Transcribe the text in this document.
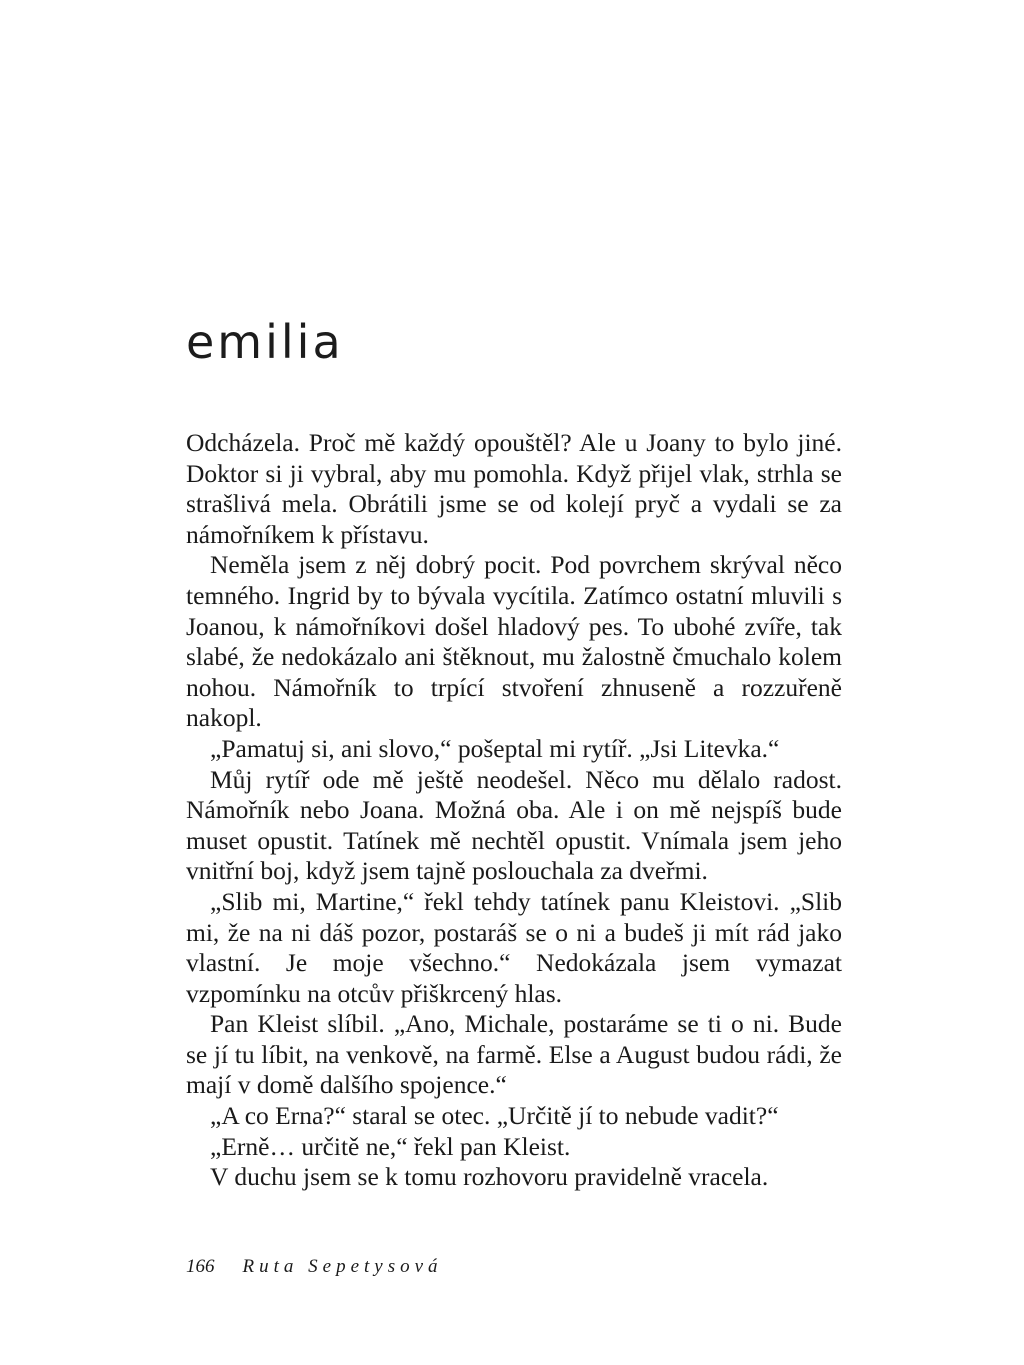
emilia

Odcházela. Proč mě každý opouštěl? Ale u Joany to bylo jiné. Doktor si ji vybral, aby mu pomohla. Když přijel vlak, strhla se strašlivá mela. Obrátili jsme se od kolejí pryč a vydali se za námořníkem k přístavu.

Neměla jsem z něj dobrý pocit. Pod povrchem skrýval něco temného. Ingrid by to bývala vycítila. Zatímco ostatní mluvili s Joanou, k námořníkovi došel hladový pes. To ubohé zvíře, tak slabé, že nedokázalo ani štěknout, mu žalostně čmuchalo kolem nohou. Námořník to trpící stvoření zhnuseně a rozzuřeně nakopl.

„Pamatuj si, ani slovo,“ pošeptal mi rytíř. „Jsi Litevka.“

Můj rytíř ode mě ještě neodešel. Něco mu dělalo radost. Námořník nebo Joana. Možná oba. Ale i on mě nejspíš bude muset opustit. Tatínek mě nechtěl opustit. Vnímala jsem jeho vnitřní boj, když jsem tajně poslouchala za dveřmi.

„Slib mi, Martine,“ řekl tehdy tatínek panu Kleistovi. „Slib mi, že na ni dáš pozor, postaráš se o ni a budeš ji mít rád jako vlastní. Je moje všechno.“ Nedokázala jsem vymazat vzpomínku na otcův přiškrcený hlas.

Pan Kleist slíbil. „Ano, Michale, postaráme se ti o ni. Bude se jí tu líbit, na venkově, na farmě. Else a August budou rádi, že mají v domě dalšího spojence.“

„A co Erna?“ staral se otec. „Určitě jí to nebude vadit?“

„Erně… určitě ne,“ řekl pan Kleist.

V duchu jsem se k tomu rozhovoru pravidelně vracela.

166 Ruta Sepetysová
